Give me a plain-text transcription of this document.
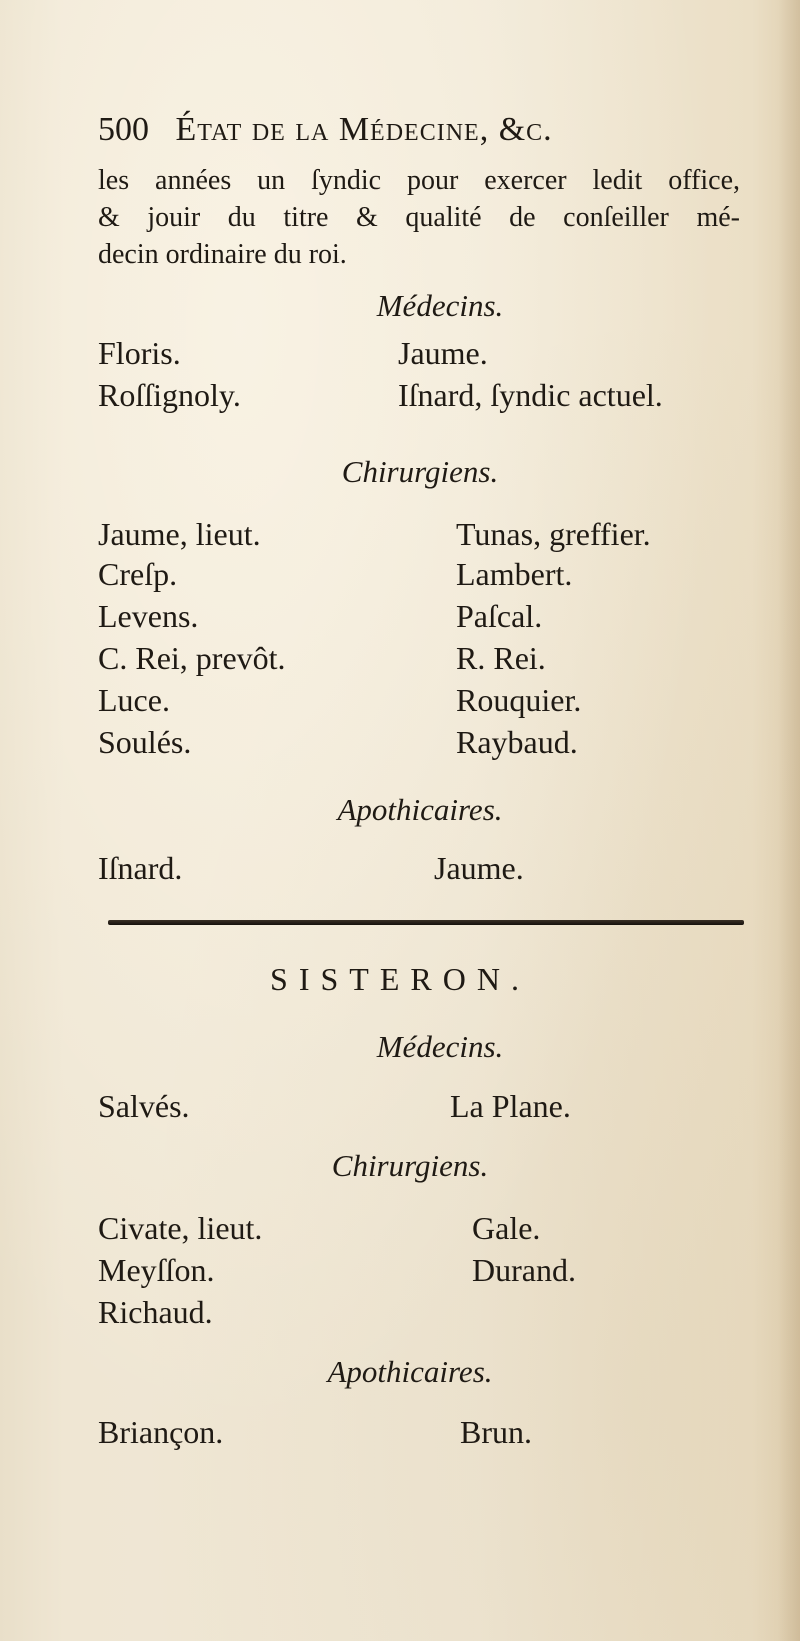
500 État de la Médecine, &c.
les années un ſyndic pour exercer ledit office,
& jouir du titre & qualité de conſeiller mé-
decin ordinaire du roi.
Médecins.
Floris.	Jaume.
Roſſignoly.	Iſnard, ſyndic actuel.
Chirurgiens.
Jaume, lieut.	Tunas, greffier.
Creſp.	Lambert.
Levens.	Paſcal.
C. Rei, prevôt.	R. Rei.
Luce.	Rouquier.
Soulés.	Raybaud.
Apothicaires.
Iſnard.	Jaume.
SISTERON.
Médecins.
Salvés.	La Plane.
Chirurgiens.
Civate, lieut.	Gale.
Meyſſon.	Durand.
Richaud.
Apothicaires.
Briançon.	Brun.
